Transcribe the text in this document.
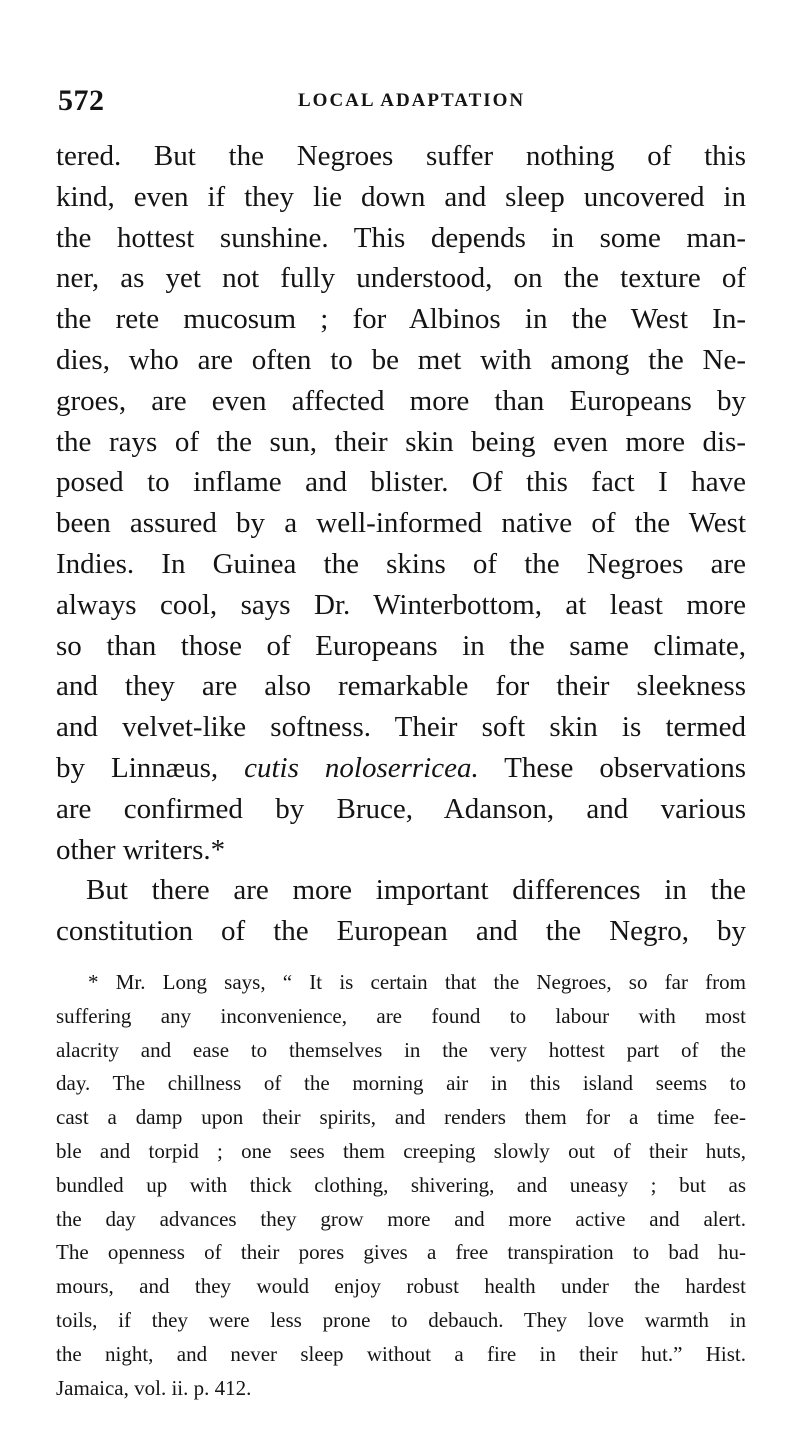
572	LOCAL ADAPTATION
tered. But the Negroes suffer nothing of this
kind, even if they lie down and sleep uncovered in
the hottest sunshine. This depends in some man-
ner, as yet not fully understood, on the texture of
the rete mucosum ; for Albinos in the West In-
dies, who are often to be met with among the Ne-
groes, are even affected more than Europeans by
the rays of the sun, their skin being even more dis-
posed to inflame and blister. Of this fact I have
been assured by a well-informed native of the West
Indies. In Guinea the skins of the Negroes are
always cool, says Dr. Winterbottom, at least more
so than those of Europeans in the same climate,
and they are also remarkable for their sleekness
and velvet-like softness. Their soft skin is termed
by Linnæus, cutis noloserricea. These observations
are confirmed by Bruce, Adanson, and various
other writers.*
But there are more important differences in the
constitution of the European and the Negro, by
* Mr. Long says, “ It is certain that the Negroes, so far from
suffering any inconvenience, are found to labour with most
alacrity and ease to themselves in the very hottest part of the
day. The chillness of the morning air in this island seems to
cast a damp upon their spirits, and renders them for a time fee-
ble and torpid ; one sees them creeping slowly out of their huts,
bundled up with thick clothing, shivering, and uneasy ; but as
the day advances they grow more and more active and alert.
The openness of their pores gives a free transpiration to bad hu-
mours, and they would enjoy robust health under the hardest
toils, if they were less prone to debauch. They love warmth in
the night, and never sleep without a fire in their hut.” Hist.
Jamaica, vol. ii. p. 412.
